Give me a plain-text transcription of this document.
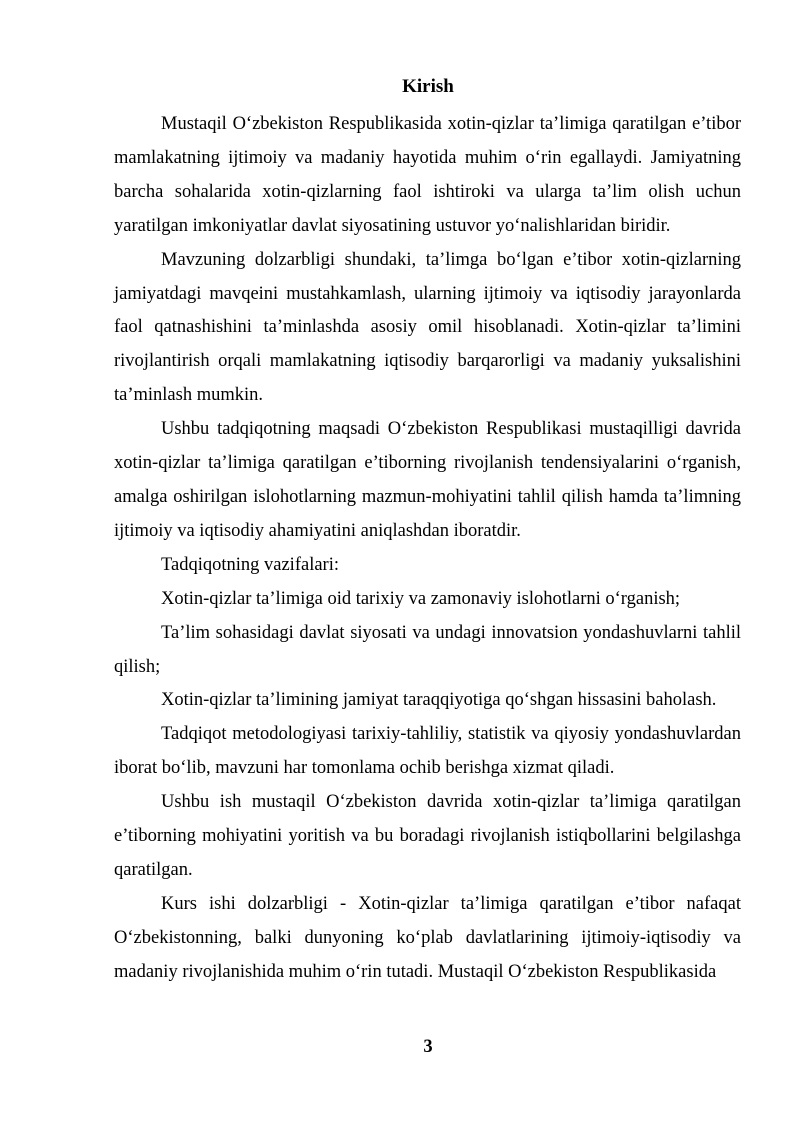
Kirish

Mustaqil O‘zbekiston Respublikasida xotin-qizlar ta’limiga qaratilgan e’tibor mamlakatning ijtimoiy va madaniy hayotida muhim o‘rin egallaydi. Jamiyatning barcha sohalarida xotin-qizlarning faol ishtiroki va ularga ta’lim olish uchun yaratilgan imkoniyatlar davlat siyosatining ustuvor yo‘nalishlaridan biridir.

Mavzuning dolzarbligi shundaki, ta’limga bo‘lgan e’tibor xotin-qizlarning jamiyatdagi mavqeini mustahkamlash, ularning ijtimoiy va iqtisodiy jarayonlarda faol qatnashishini ta’minlashda asosiy omil hisoblanadi. Xotin-qizlar ta’limini rivojlantirish orqali mamlakatning iqtisodiy barqarorligi va madaniy yuksalishini ta’minlash mumkin.

Ushbu tadqiqotning maqsadi O‘zbekiston Respublikasi mustaqilligi davrida xotin-qizlar ta’limiga qaratilgan e’tiborning rivojlanish tendensiyalarini o‘rganish, amalga oshirilgan islohotlarning mazmun-mohiyatini tahlil qilish hamda ta’limning ijtimoiy va iqtisodiy ahamiyatini aniqlashdan iboratdir.

Tadqiqotning vazifalari:

Xotin-qizlar ta’limiga oid tarixiy va zamonaviy islohotlarni o‘rganish;

Ta’lim sohasidagi davlat siyosati va undagi innovatsion yondashuvlarni tahlil qilish;

Xotin-qizlar ta’limining jamiyat taraqqiyotiga qo‘shgan hissasini baholash.

Tadqiqot metodologiyasi tarixiy-tahliliy, statistik va qiyosiy yondashuvlardan iborat bo‘lib, mavzuni har tomonlama ochib berishga xizmat qiladi.

Ushbu ish mustaqil O‘zbekiston davrida xotin-qizlar ta’limiga qaratilgan e’tiborning mohiyatini yoritish va bu boradagi rivojlanish istiqbollarini belgilashga qaratilgan.

Kurs ishi dolzarbligi - Xotin-qizlar ta’limiga qaratilgan e’tibor nafaqat O‘zbekistonning, balki dunyoning ko‘plab davlatlarining ijtimoiy-iqtisodiy va madaniy rivojlanishida muhim o‘rin tutadi. Mustaqil O‘zbekiston Respublikasida

3
